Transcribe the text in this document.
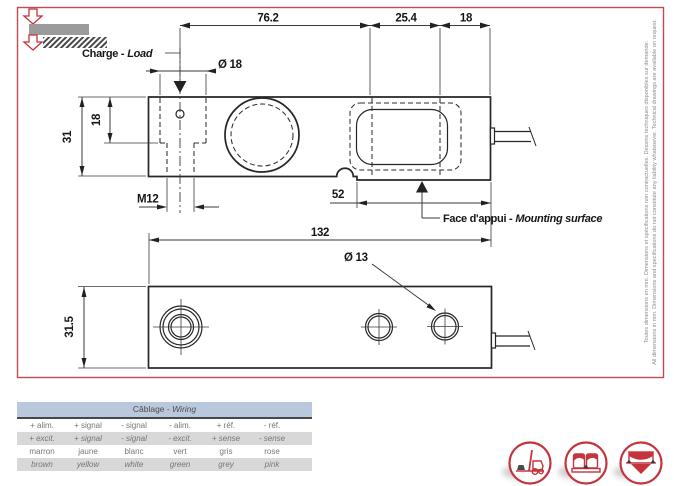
76.2	25.4	18
Charge - Load
Ø 18
31
18
M12	52
Face d'appui - Mounting surface
132
Ø 13
31.5	Toutes dimensions en mm. Dimensions et spécifications non contractuelles. Dessins techniques disponibles sur demande. All dimensions in mm. Dimensions and specifications do not constitute any liability whatsoever. Technical drawings are available on request.
Câblage - Wiring
+ alim.	+ signal	- signal	- alim.	+ réf.	- réf.
+ excit.	+ signal	- signal	- excit.	+ sense	- sense
marron	jaune	blanc	vert	gris	rose
brown	yellow	white	green	grey	pink
